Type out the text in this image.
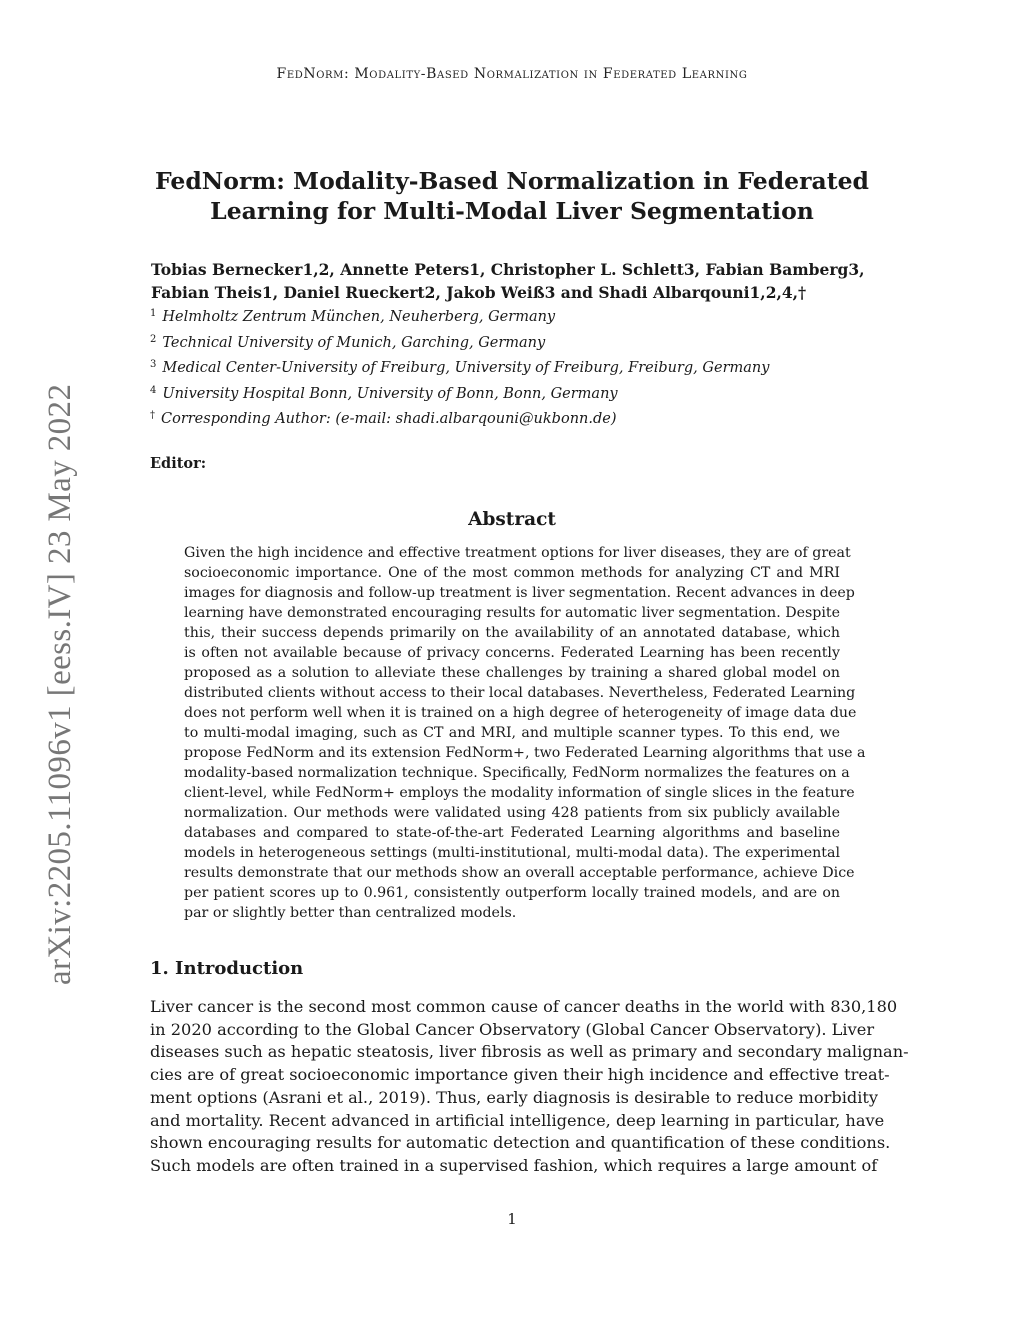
FedNorm: Modality-Based Normalization in Federated Learning
arXiv:2205.11096v1 [eess.IV] 23 May 2022
FedNorm: Modality-Based Normalization in Federated
Learning for Multi-Modal Liver Segmentation
Tobias Bernecker1,2, Annette Peters1, Christopher L. Schlett3, Fabian Bamberg3,
Fabian Theis1, Daniel Rueckert2, Jakob Weiß3 and Shadi Albarqouni1,2,4,†
$^1$ Helmholtz Zentrum München, Neuherberg, Germany
$^2$ Technical University of Munich, Garching, Germany
$^3$ Medical Center-University of Freiburg, University of Freiburg, Freiburg, Germany
$^4$ University Hospital Bonn, University of Bonn, Bonn, Germany
† Corresponding Author: (e-mail: shadi.albarqouni@ukbonn.de)
Editor:
Abstract
Given the high incidence and effective treatment options for liver diseases, they are of great
socioeconomic importance. One of the most common methods for analyzing CT and MRI
images for diagnosis and follow-up treatment is liver segmentation. Recent advances in deep
learning have demonstrated encouraging results for automatic liver segmentation. Despite
this, their success depends primarily on the availability of an annotated database, which
is often not available because of privacy concerns. Federated Learning has been recently
proposed as a solution to alleviate these challenges by training a shared global model on
distributed clients without access to their local databases. Nevertheless, Federated Learning
does not perform well when it is trained on a high degree of heterogeneity of image data due
to multi-modal imaging, such as CT and MRI, and multiple scanner types. To this end, we
propose FedNorm and its extension FedNorm+, two Federated Learning algorithms that use a
modality-based normalization technique. Specifically, FedNorm normalizes the features on a
client-level, while FedNorm+ employs the modality information of single slices in the feature
normalization. Our methods were validated using 428 patients from six publicly available
databases and compared to state-of-the-art Federated Learning algorithms and baseline
models in heterogeneous settings (multi-institutional, multi-modal data). The experimental
results demonstrate that our methods show an overall acceptable performance, achieve Dice
per patient scores up to 0.961, consistently outperform locally trained models, and are on
par or slightly better than centralized models.
1. Introduction
Liver cancer is the second most common cause of cancer deaths in the world with 830,180
in 2020 according to the Global Cancer Observatory (Global Cancer Observatory). Liver
diseases such as hepatic steatosis, liver fibrosis as well as primary and secondary malignan-
cies are of great socioeconomic importance given their high incidence and effective treat-
ment options (Asrani et al., 2019). Thus, early diagnosis is desirable to reduce morbidity
and mortality. Recent advanced in artificial intelligence, deep learning in particular, have
shown encouraging results for automatic detection and quantification of these conditions.
Such models are often trained in a supervised fashion, which requires a large amount of
1
